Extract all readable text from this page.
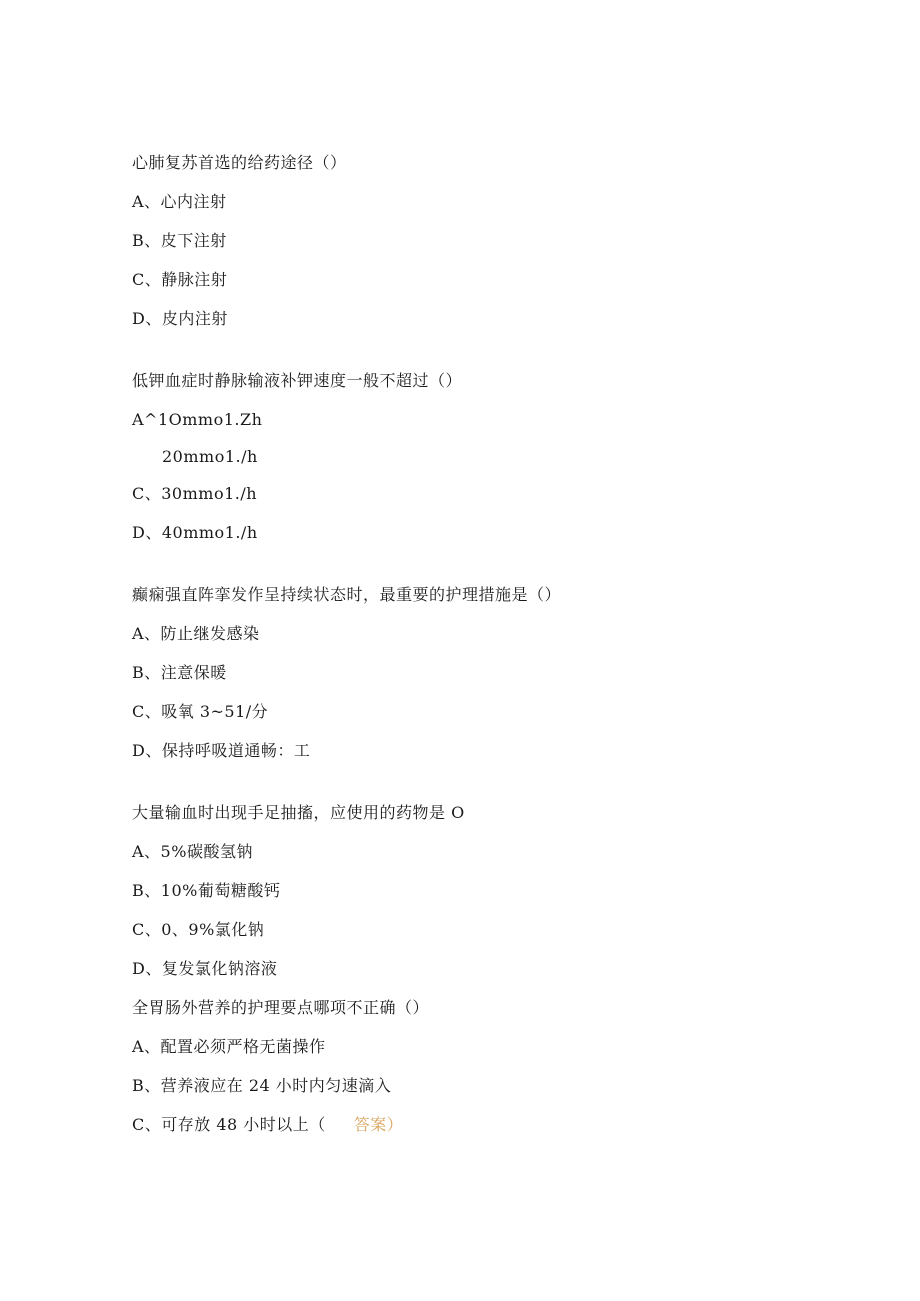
心肺复苏首选的给药途径（）
A、心内注射
B、皮下注射
C、静脉注射
D、皮内注射
低钾血症时静脉输液补钾速度一般不超过（）
A^1Ommo1.Zh
20mmo1./h
C、30mmo1./h
D、40mmo1./h
癫痫强直阵挛发作呈持续状态时，最重要的护理措施是（）
A、防止继发感染
B、注意保暖
C、吸氧 3~51∕分
D、保持呼吸道通畅：工
大量输血时出现手足抽搐，应使用的药物是 O
A、5%碳酸氢钠
B、10%葡萄糖酸钙
C、0、9%氯化钠
D、复发氯化钠溶液
全胃肠外营养的护理要点哪项不正确（）
A、配置必须严格无菌操作
B、营养液应在 24 小时内匀速滴入
C、可存放 48 小时以上（ 答案）
